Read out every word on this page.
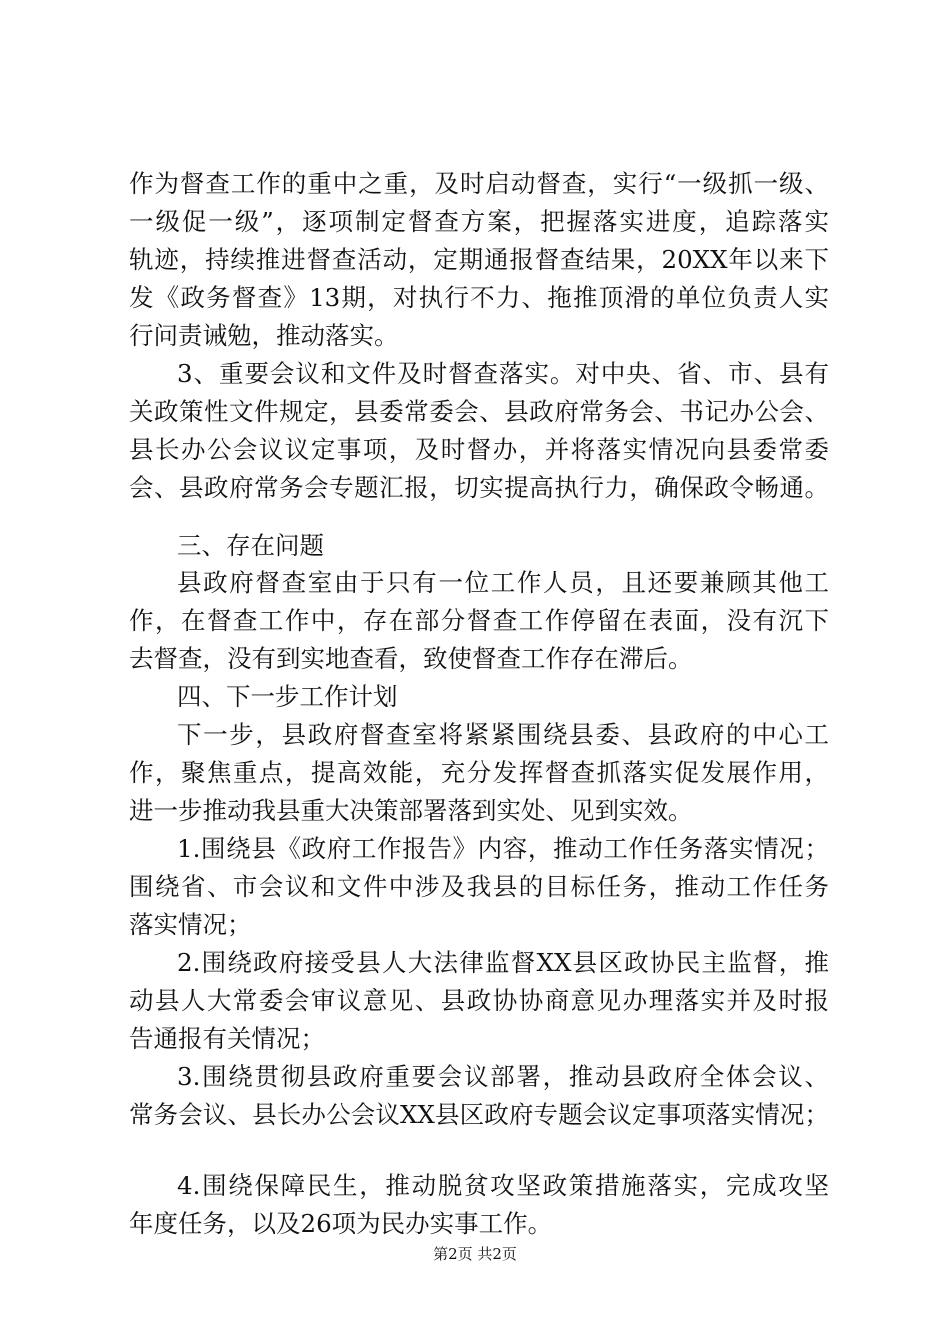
作为督查工作的重中之重，及时启动督查，实行“一级抓一级、
一级促一级”，逐项制定督查方案，把握落实进度，追踪落实
轨迹，持续推进督查活动，定期通报督查结果，20XX年以来下
发《政务督查》13期，对执行不力、拖推顶滑的单位负责人实
行问责诫勉，推动落实。
3、重要会议和文件及时督查落实。对中央、省、市、县有
关政策性文件规定，县委常委会、县政府常务会、书记办公会、
县长办公会议议定事项，及时督办，并将落实情况向县委常委
会、县政府常务会专题汇报，切实提高执行力，确保政令畅通。
三、存在问题
县政府督查室由于只有一位工作人员，且还要兼顾其他工
作，在督查工作中，存在部分督查工作停留在表面，没有沉下
去督查，没有到实地查看，致使督查工作存在滞后。
四、下一步工作计划
下一步，县政府督查室将紧紧围绕县委、县政府的中心工
作，聚焦重点，提高效能，充分发挥督查抓落实促发展作用，
进一步推动我县重大决策部署落到实处、见到实效。
1.围绕县《政府工作报告》内容，推动工作任务落实情况；
围绕省、市会议和文件中涉及我县的目标任务，推动工作任务
落实情况；
2.围绕政府接受县人大法律监督XX县区政协民主监督，推
动县人大常委会审议意见、县政协协商意见办理落实并及时报
告通报有关情况；
3.围绕贯彻县政府重要会议部署，推动县政府全体会议、
常务会议、县长办公会议XX县区政府专题会议定事项落实情况；
4.围绕保障民生，推动脱贫攻坚政策措施落实，完成攻坚
年度任务，以及26项为民办实事工作。
第2页 共2页
